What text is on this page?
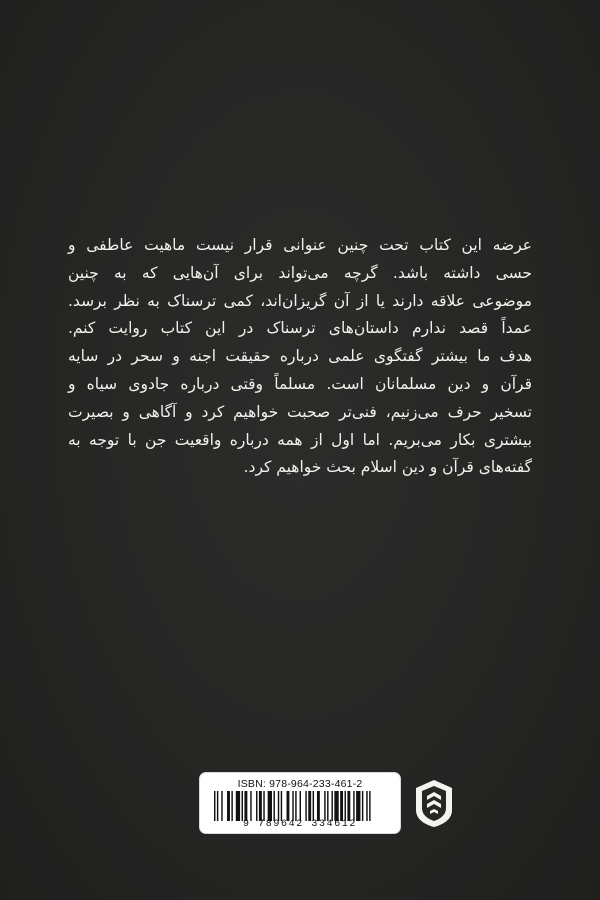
عرضه این کتاب تحت چنین عنوانی قرار نیست ماهیت عاطفی و
حسی داشته باشد. گرچه می‌تواند برای آن‌هایی که به چنین
موضوعی علاقه دارند یا از آن گریزان‌اند، کمی ترسناک به نظر برسد.
عمداً قصد ندارم داستان‌های ترسناک در این کتاب روایت کنم.
هدف ما بیشتر گفتگوی علمی درباره حقیقت اجنه و سحر در سایه
قرآن و دین مسلمانان است. مسلماً وقتی درباره جادوی سیاه و
تسخیر حرف می‌زنیم، فنی‌تر صحبت خواهیم کرد و آگاهی و بصیرت
بیشتری بکار می‌بریم. اما اول از همه درباره واقعیت جن با توجه به
گفته‌های قرآن و دین اسلام بحث خواهیم کرد.
ISBN: 978-964-233-461-2
9 789642 334612
